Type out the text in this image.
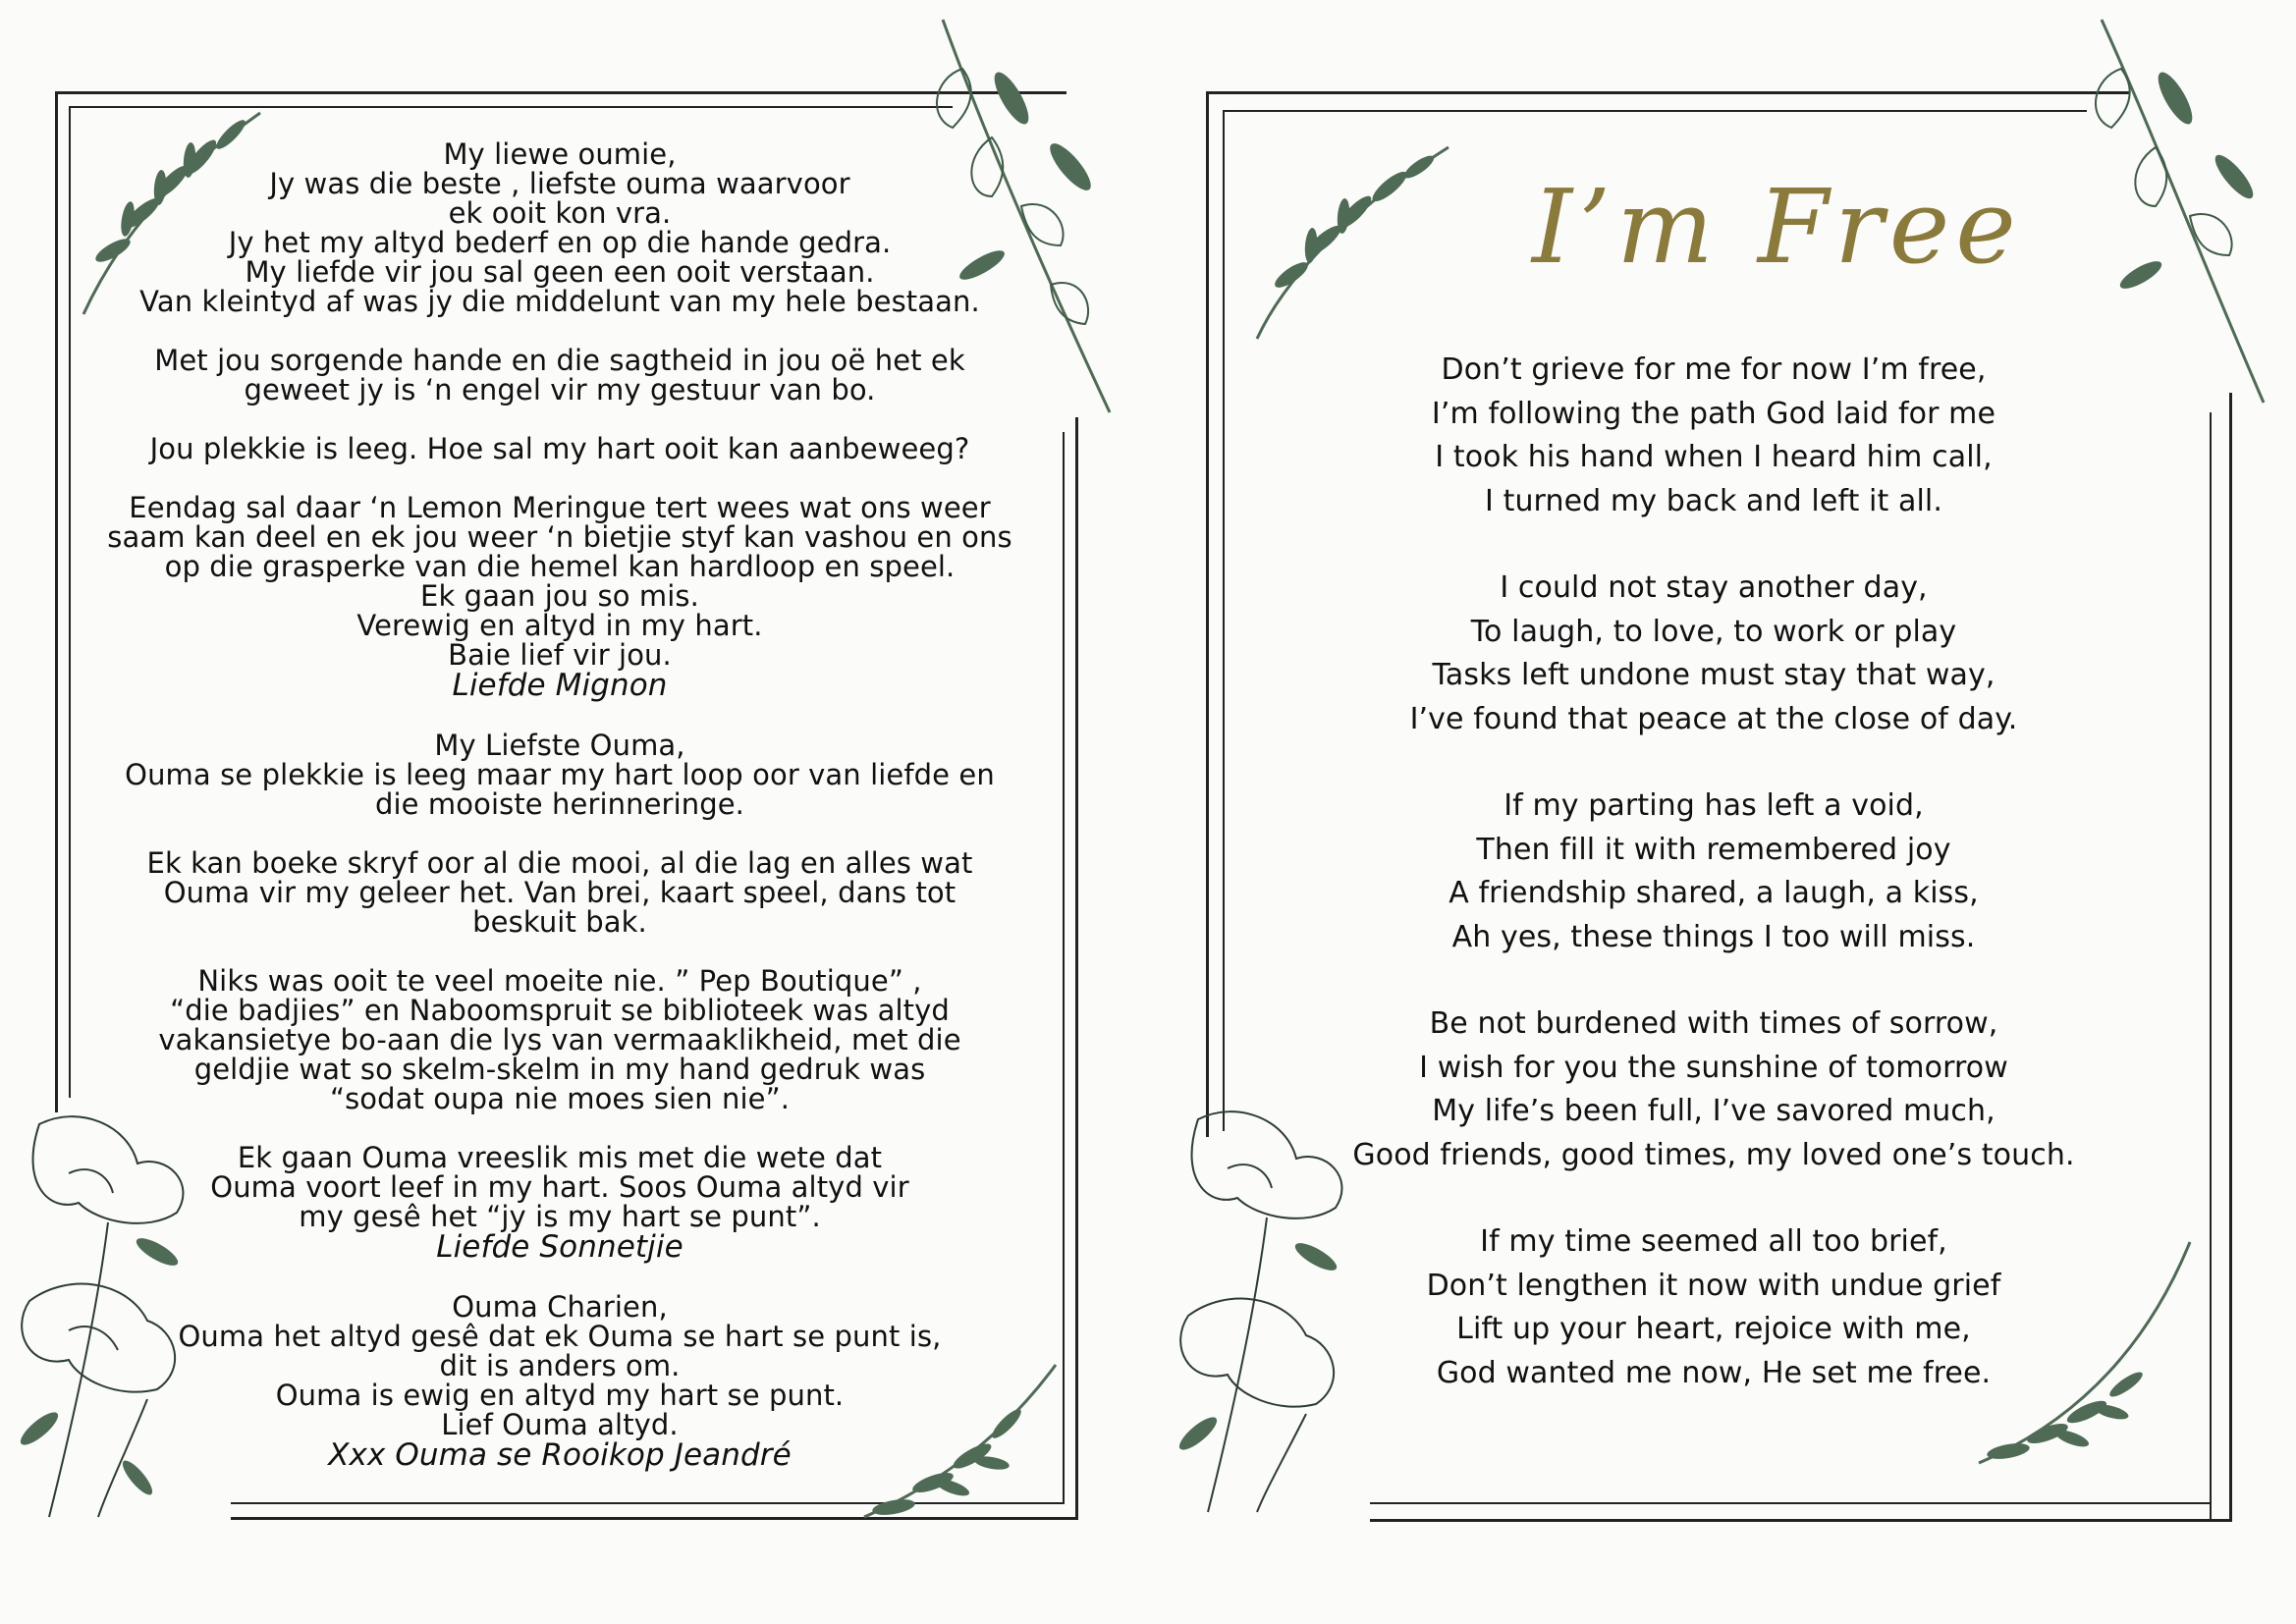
My liewe oumie,
Jy was die beste , liefste ouma waarvoor
ek ooit kon vra.
Jy het my altyd bederf en op die hande gedra.
My liefde vir jou sal geen een ooit verstaan.
Van kleintyd af was jy die middelunt van my hele bestaan.

Met jou sorgende hande en die sagtheid in jou oë het ek
geweet jy is ‘n engel vir my gestuur van bo.

Jou plekkie is leeg. Hoe sal my hart ooit kan aanbeweeg?

Eendag sal daar ‘n Lemon Meringue tert wees wat ons weer
saam kan deel en ek jou weer ‘n bietjie styf kan vashou en ons
op die grasperke van die hemel kan hardloop en speel.
Ek gaan jou so mis.
Verewig en altyd in my hart.
Baie lief vir jou.

Liefde Mignon

My Liefste Ouma,
Ouma se plekkie is leeg maar my hart loop oor van liefde en
die mooiste herinneringe.

Ek kan boeke skryf oor al die mooi, al die lag en alles wat
Ouma vir my geleer het. Van brei, kaart speel, dans tot
beskuit bak.

Niks was ooit te veel moeite nie. ” Pep Boutique” ,
“die badjies” en Naboomspruit se biblioteek was altyd
vakansietye bo-aan die lys van vermaaklikheid, met die
geldjie wat so skelm-skelm in my hand gedruk was
“sodat oupa nie moes sien nie”.

Ek gaan Ouma vreeslik mis met die wete dat
Ouma voort leef in my hart. Soos Ouma altyd vir
my gesê het “jy is my hart se punt”.

Liefde Sonnetjie

Ouma Charien,
Ouma het altyd gesê dat ek Ouma se hart se punt is,
dit is anders om.
Ouma is ewig en altyd my hart se punt.
Lief Ouma altyd.

Xxx Ouma se Rooikop Jeandré
I’m Free

Don’t grieve for me for now I’m free,
I’m following the path God laid for me
I took his hand when I heard him call,
I turned my back and left it all.

I could not stay another day,
To laugh, to love, to work or play
Tasks left undone must stay that way,
I’ve found that peace at the close of day.

If my parting has left a void,
Then fill it with remembered joy
A friendship shared, a laugh, a kiss,
Ah yes, these things I too will miss.

Be not burdened with times of sorrow,
I wish for you the sunshine of tomorrow
My life’s been full, I’ve savored much,
Good friends, good times, my loved one’s touch.

If my time seemed all too brief,
Don’t lengthen it now with undue grief
Lift up your heart, rejoice with me,
God wanted me now, He set me free.
